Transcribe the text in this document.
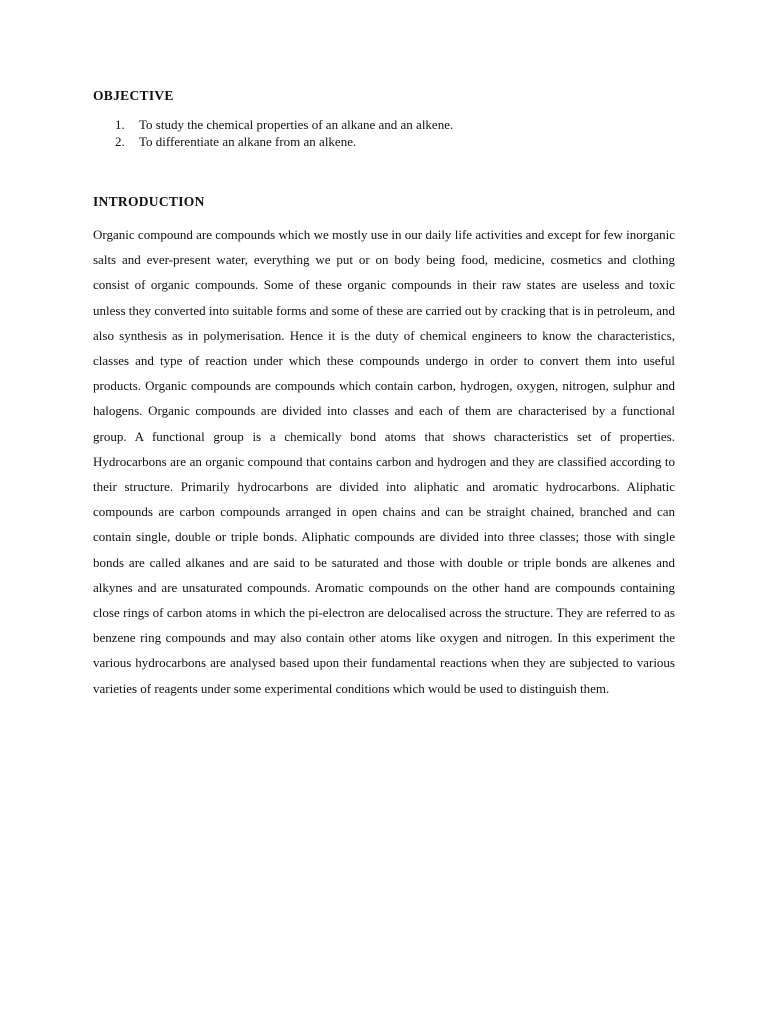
OBJECTIVE
1.	To study the chemical properties of an alkane and an alkene.
2.	To differentiate an alkane from an alkene.
INTRODUCTION

Organic compound are compounds which we mostly use in our daily life activities and except for few inorganic salts and ever-present water, everything we put or on body being food, medicine, cosmetics and clothing consist of organic compounds. Some of these organic compounds in their raw states are useless and toxic unless they converted into suitable forms and some of these are carried out by cracking that is in petroleum, and also synthesis as in polymerisation. Hence it is the duty of chemical engineers to know the characteristics, classes and type of reaction under which these compounds undergo in order to convert them into useful products. Organic compounds are compounds which contain carbon, hydrogen, oxygen, nitrogen, sulphur and halogens. Organic compounds are divided into classes and each of them are characterised by a functional group. A functional group is a chemically bond atoms that shows characteristics set of properties. Hydrocarbons are an organic compound that contains carbon and hydrogen and they are classified according to their structure. Primarily hydrocarbons are divided into aliphatic and aromatic hydrocarbons. Aliphatic compounds are carbon compounds arranged in open chains and can be straight chained, branched and can contain single, double or triple bonds. Aliphatic compounds are divided into three classes; those with single bonds are called alkanes and are said to be saturated and those with double or triple bonds are alkenes and alkynes and are unsaturated compounds. Aromatic compounds on the other hand are compounds containing close rings of carbon atoms in which the pi-electron are delocalised across the structure. They are referred to as benzene ring compounds and may also contain other atoms like oxygen and nitrogen. In this experiment the various hydrocarbons are analysed based upon their fundamental reactions when they are subjected to various varieties of reagents under some experimental conditions which would be used to distinguish them.
